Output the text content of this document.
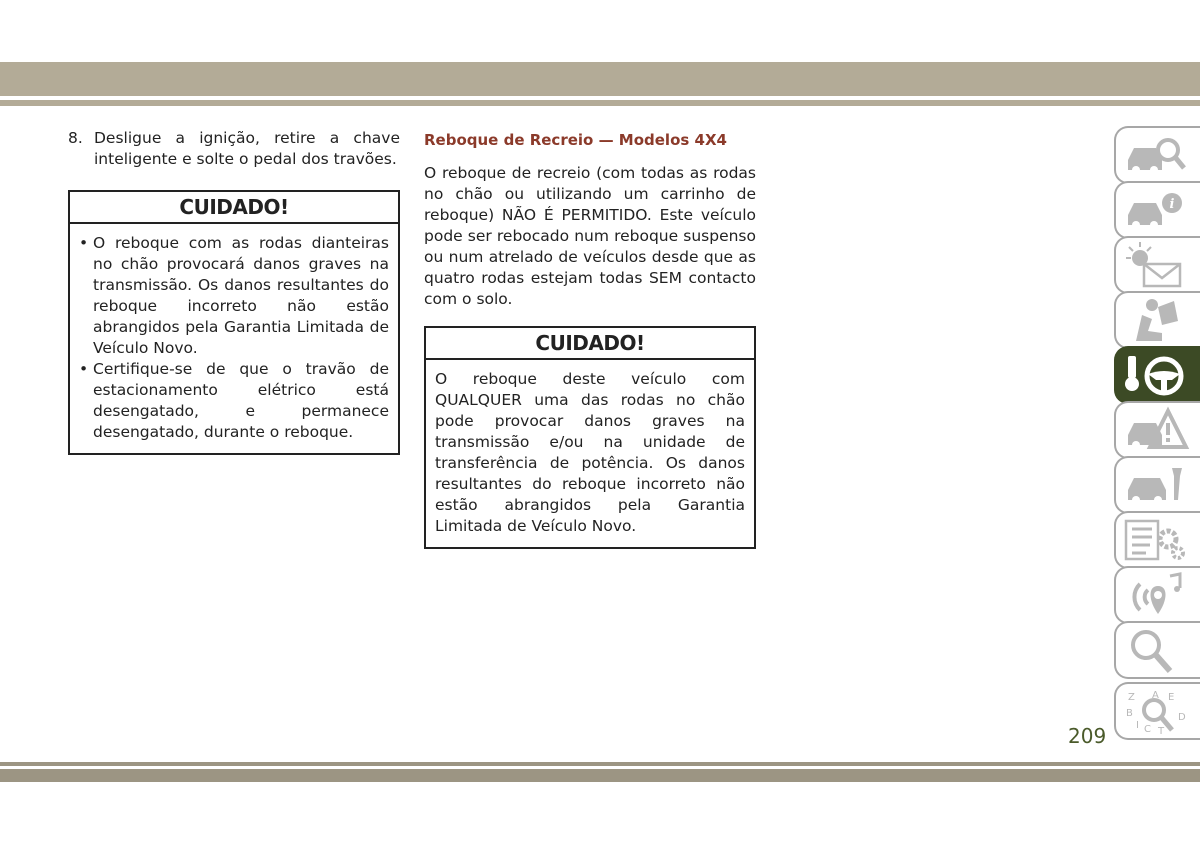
8. Desligue a ignição, retire a chave inteligente e solte o pedal dos travões.
CUIDADO!
• O reboque com as rodas dianteiras no chão provocará danos graves na transmissão. Os danos resultantes do reboque incorreto não estão abrangidos pela Garantia Limitada de Veículo Novo.
• Certifique-se de que o travão de estacionamento elétrico está desengatado, e permanece desengatado, durante o reboque.
Reboque de Recreio — Modelos 4X4
O reboque de recreio (com todas as rodas no chão ou utilizando um carrinho de reboque) NÃO É PERMITIDO. Este veículo pode ser rebocado num reboque suspenso ou num atrelado de veículos desde que as quatro rodas estejam todas SEM contacto com o solo.
CUIDADO!
O reboque deste veículo com QUALQUER uma das rodas no chão pode provocar danos graves na transmissão e/ou na unidade de transferência de potência. Os danos resultantes do reboque incorreto não estão abrangidos pela Garantia Limitada de Veículo Novo.
i
Z	E
B
A
D
I C T
209
